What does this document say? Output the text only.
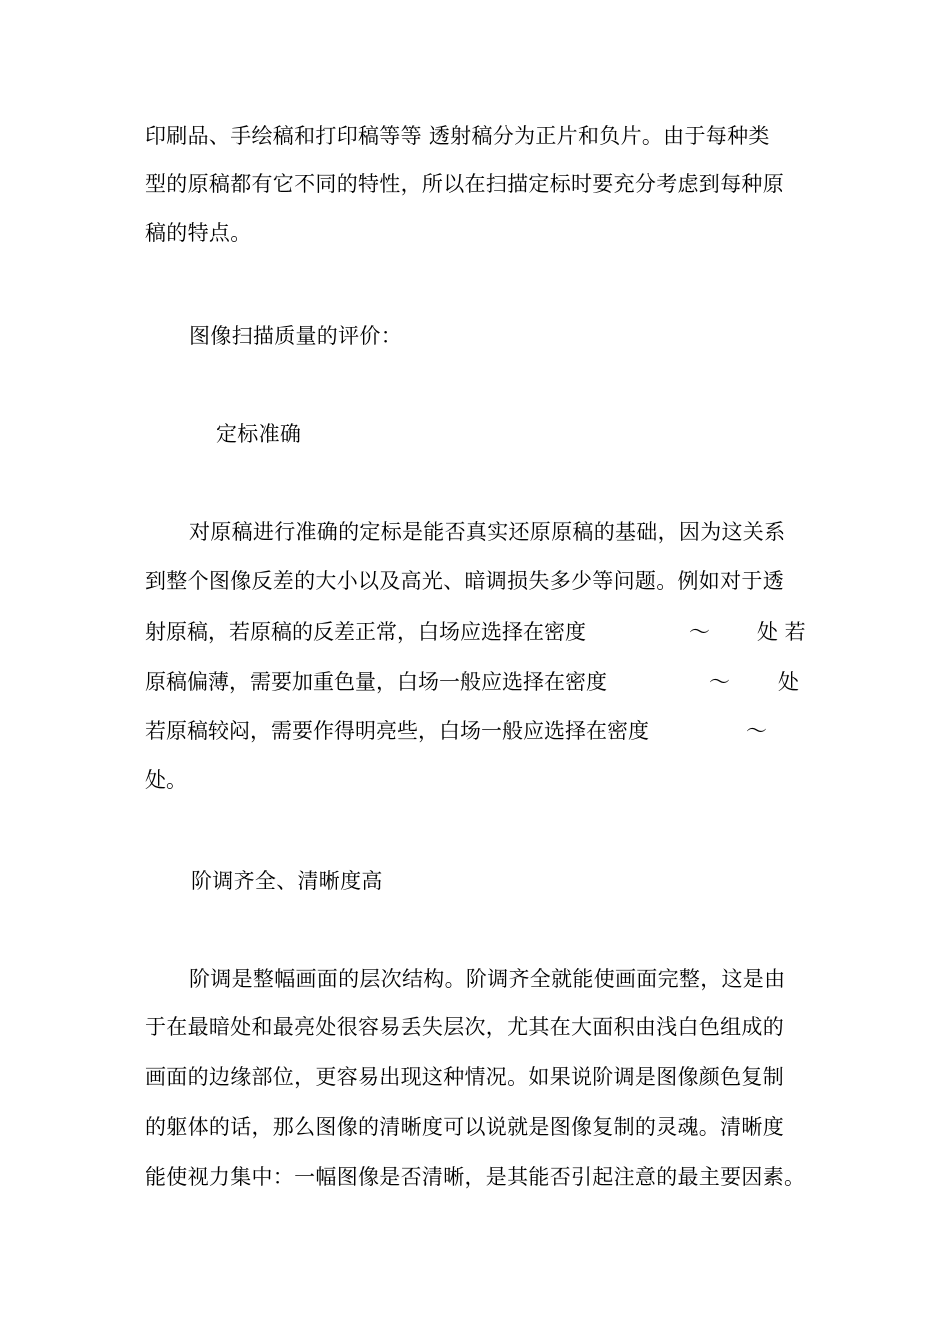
印刷品、手绘稿和打印稿等等 透射稿分为正片和负片。由于每种类
型的原稿都有它不同的特性，所以在扫描定标时要充分考虑到每种原
稿的特点。
图像扫描质量的评价：
定标准确
对原稿进行准确的定标是能否真实还原原稿的基础，因为这关系
到整个图像反差的大小以及高光、暗调损失多少等问题。例如对于透
射原稿，若原稿的反差正常，白场应选择在密度	～ 处 若
原稿偏薄，需要加重色量，白场一般应选择在密度	～ 处
若原稿较闷，需要作得明亮些，白场一般应选择在密度	～
处。
阶调齐全、清晰度高
阶调是整幅画面的层次结构。阶调齐全就能使画面完整，这是由
于在最暗处和最亮处很容易丢失层次，尤其在大面积由浅白色组成的
画面的边缘部位，更容易出现这种情况。如果说阶调是图像颜色复制
的躯体的话，那么图像的清晰度可以说就是图像复制的灵魂。清晰度
能使视力集中：一幅图像是否清晰，是其能否引起注意的最主要因素。
